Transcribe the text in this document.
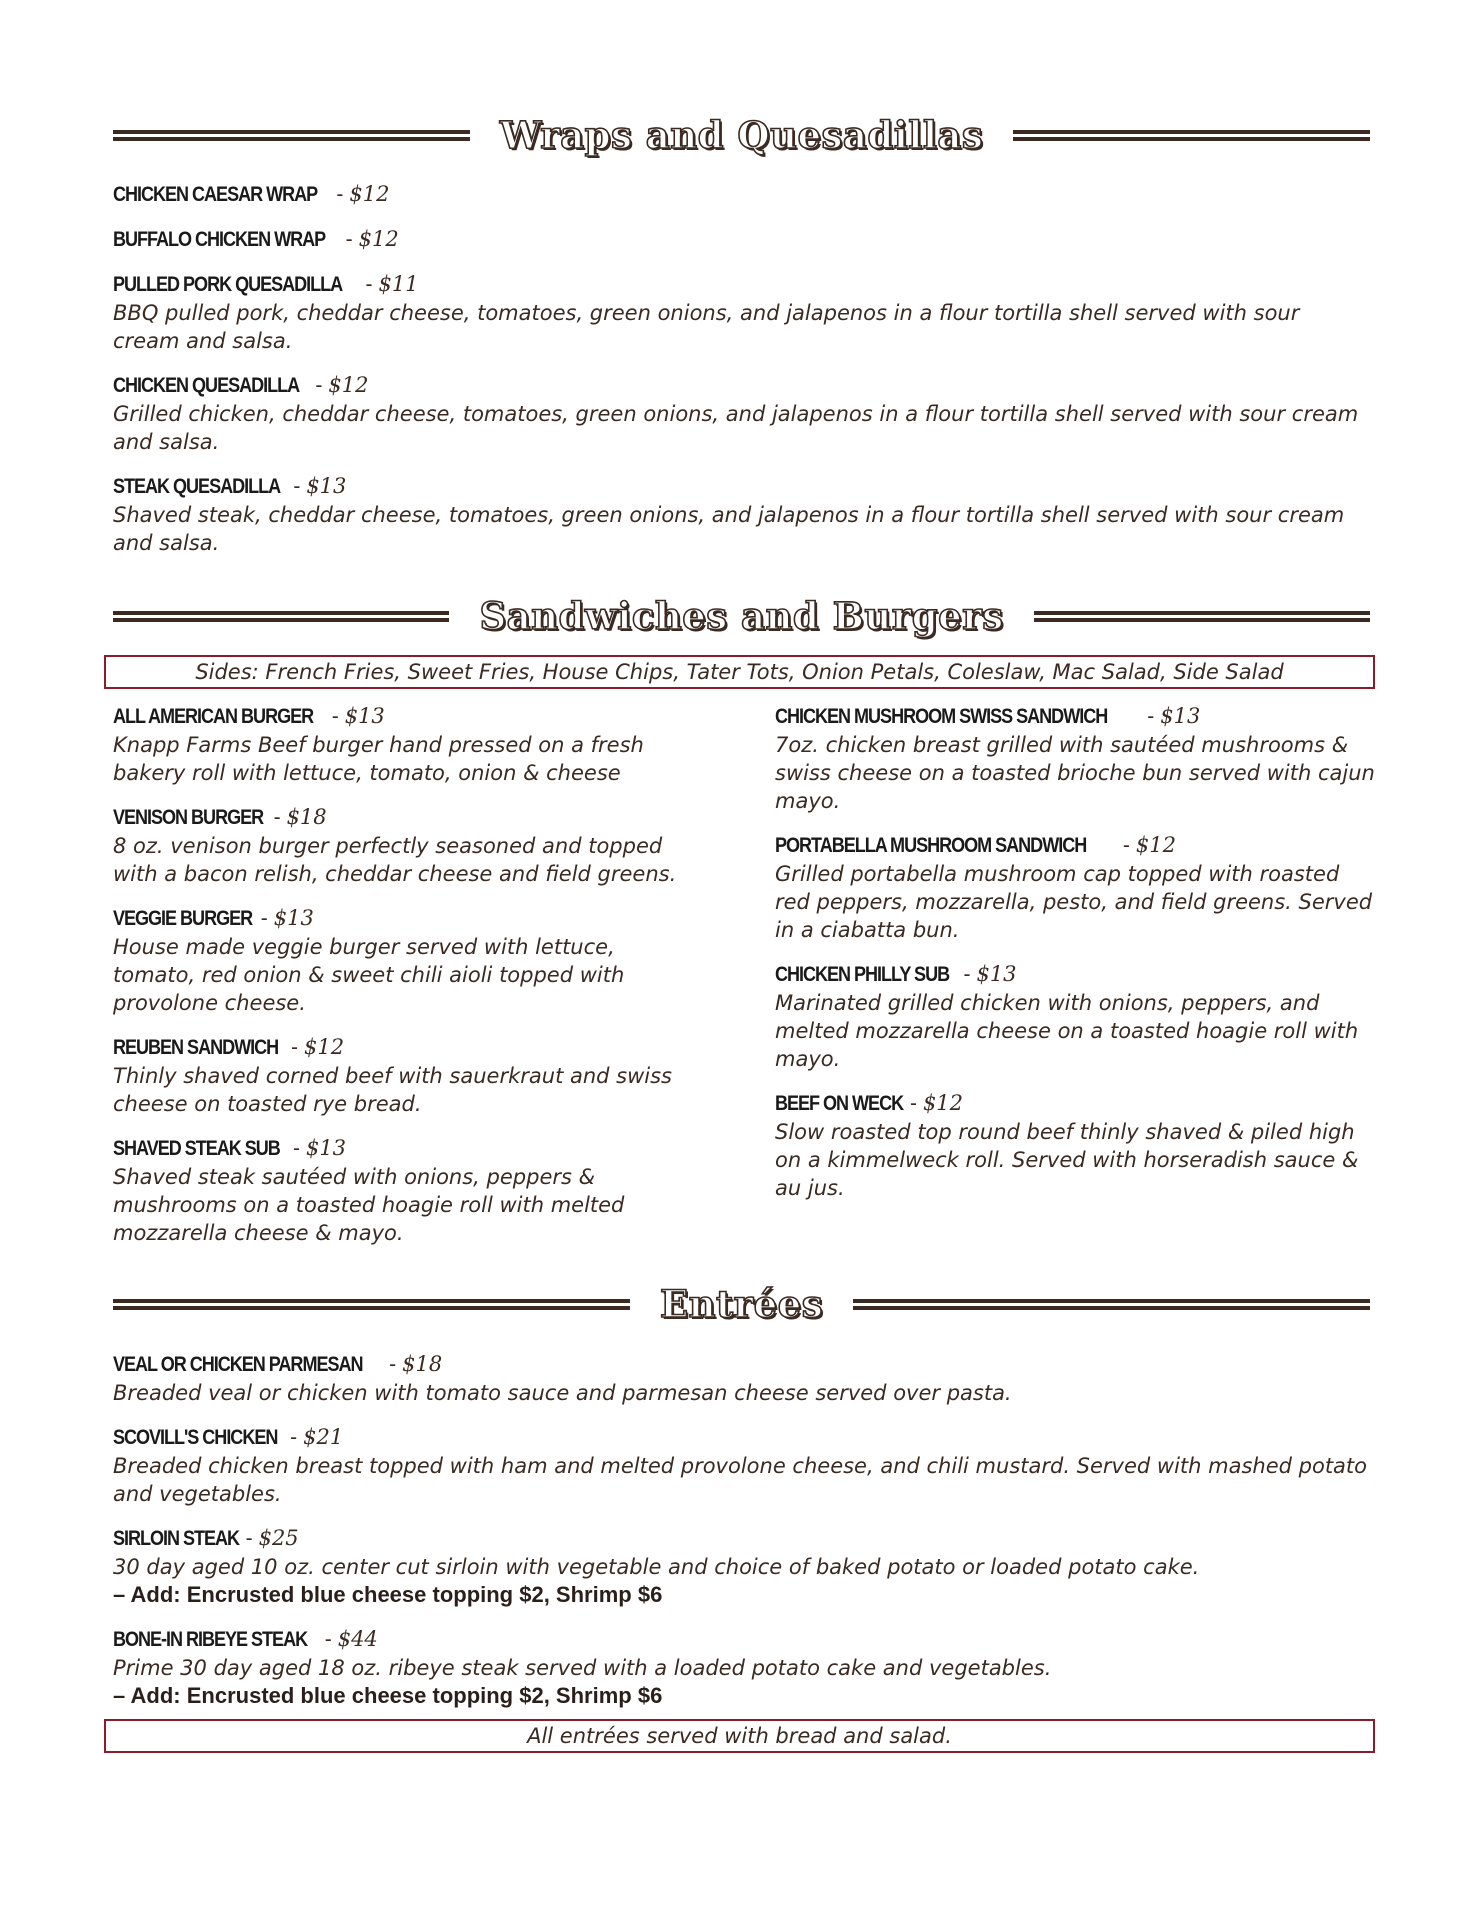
Wraps and Quesadillas
CHICKEN CAESAR WRAP - $12
BUFFALO CHICKEN WRAP - $12
PULLED PORK QUESADILLA - $11
BBQ pulled pork, cheddar cheese, tomatoes, green onions, and jalapenos in a flour tortilla shell served with sour cream and salsa.
CHICKEN QUESADILLA - $12
Grilled chicken, cheddar cheese, tomatoes, green onions, and jalapenos in a flour tortilla shell served with sour cream and salsa.
STEAK QUESADILLA - $13
Shaved steak, cheddar cheese, tomatoes, green onions, and jalapenos in a flour tortilla shell served with sour cream and salsa.
Sandwiches and Burgers
Sides: French Fries, Sweet Fries, House Chips, Tater Tots, Onion Petals, Coleslaw, Mac Salad, Side Salad
ALL AMERICAN BURGER - $13
Knapp Farms Beef burger hand pressed on a fresh bakery roll with lettuce, tomato, onion & cheese
VENISON BURGER - $18
8 oz. venison burger perfectly seasoned and topped with a bacon relish, cheddar cheese and field greens.
VEGGIE BURGER - $13
House made veggie burger served with lettuce, tomato, red onion & sweet chili aioli topped with provolone cheese.
REUBEN SANDWICH - $12
Thinly shaved corned beef with sauerkraut and swiss cheese on toasted rye bread.
SHAVED STEAK SUB - $13
Shaved steak sautéed with onions, peppers & mushrooms on a toasted hoagie roll with melted mozzarella cheese & mayo.
CHICKEN MUSHROOM SWISS SANDWICH - $13
7oz. chicken breast grilled with sautéed mushrooms & swiss cheese on a toasted brioche bun served with cajun mayo.
PORTABELLA MUSHROOM SANDWICH - $12
Grilled portabella mushroom cap topped with roasted red peppers, mozzarella, pesto, and field greens. Served in a ciabatta bun.
CHICKEN PHILLY SUB - $13
Marinated grilled chicken with onions, peppers, and melted mozzarella cheese on a toasted hoagie roll with mayo.
BEEF ON WECK - $12
Slow roasted top round beef thinly shaved & piled high on a kimmelweck roll. Served with horseradish sauce & au jus.
Entrées
VEAL OR CHICKEN PARMESAN - $18
Breaded veal or chicken with tomato sauce and parmesan cheese served over pasta.
SCOVILL'S CHICKEN - $21
Breaded chicken breast topped with ham and melted provolone cheese, and chili mustard. Served with mashed potato and vegetables.
SIRLOIN STEAK - $25
30 day aged 10 oz. center cut sirloin with vegetable and choice of baked potato or loaded potato cake.
– Add: Encrusted blue cheese topping $2, Shrimp $6
BONE-IN RIBEYE STEAK - $44
Prime 30 day aged 18 oz. ribeye steak served with a loaded potato cake and vegetables.
– Add: Encrusted blue cheese topping $2, Shrimp $6
All entrées served with bread and salad.
